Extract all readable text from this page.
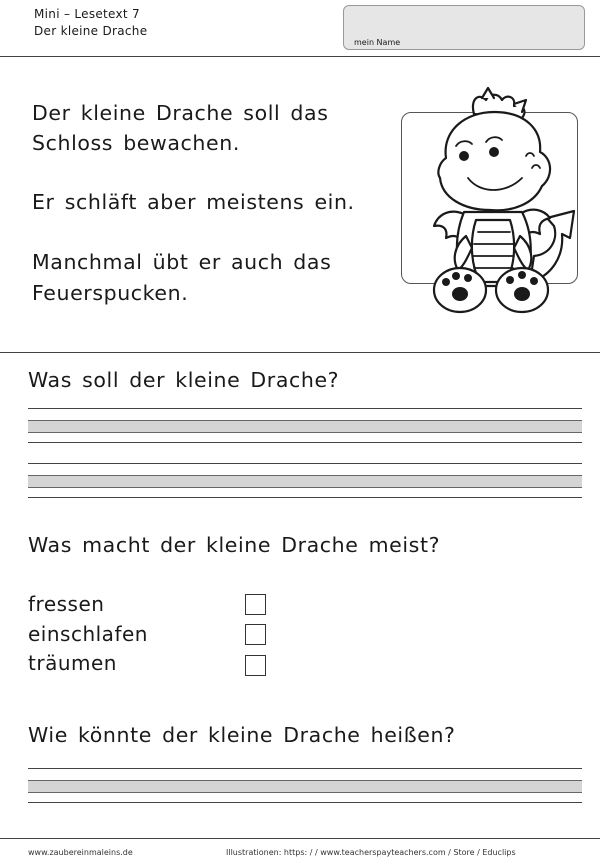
Mini – Lesetext 7
Der kleine Drache
mein Name
Der kleine Drache soll das
Schloss bewachen.
Er schläft aber meistens ein.
Manchmal übt er auch das
Feuerspucken.
Was soll der kleine Drache?
Was macht der kleine Drache meist?
fressen
einschlafen
träumen
Wie könnte der kleine Drache heißen?
www.zaubereinmaleins.de	Illustrationen: https: / / www.teacherspayteachers.com / Store / Educlips
